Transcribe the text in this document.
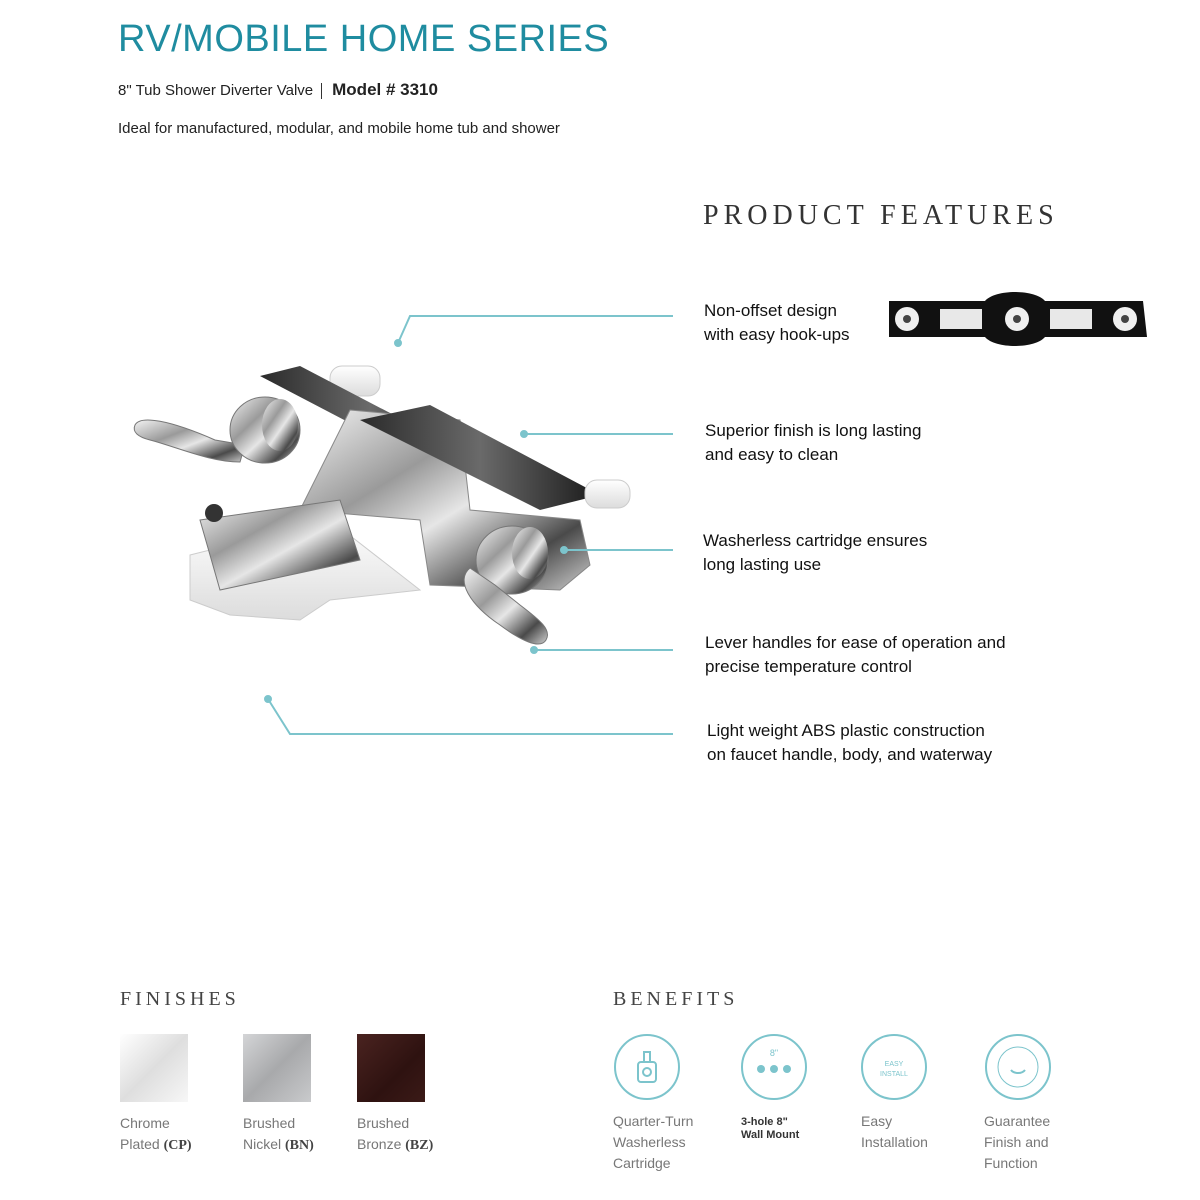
RV/MOBILE HOME SERIES
8" Tub Shower Diverter Valve Model # 3310
Ideal for manufactured, modular, and mobile home tub and shower
PRODUCT FEATURES
Non-offset design
with easy hook-ups
Superior finish is long lasting
and easy to clean
Washerless cartridge ensures
long lasting use
Lever handles for ease of operation and
precise temperature control
Light weight ABS plastic construction
on faucet handle, body, and waterway
FINISHES
Chrome
Plated (CP)
Brushed
Nickel (BN)
Brushed
Bronze (BZ)
BENEFITS
8"
EASY
INSTALL
Quarter-Turn
Washerless
Cartridge
3-hole 8"
Wall Mount
Easy
Installation
Guarantee
Finish and
Function
